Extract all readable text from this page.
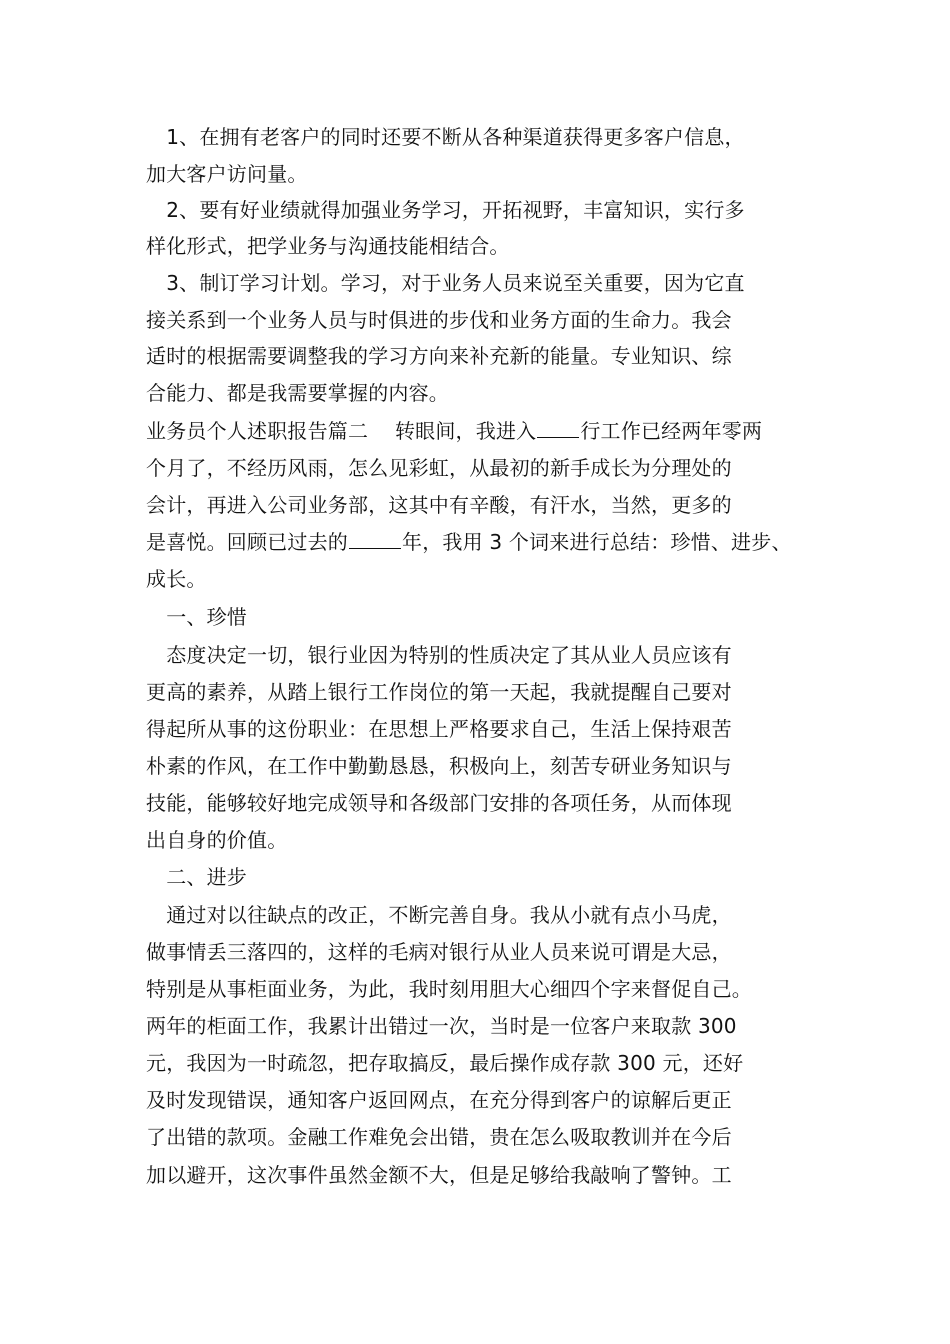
　1、在拥有老客户的同时还要不断从各种渠道获得更多客户信息，
加大客户访问量。
　2、要有好业绩就得加强业务学习，开拓视野，丰富知识，实行多
样化形式，把学业务与沟通技能相结合。
　3、制订学习计划。学习，对于业务人员来说至关重要，因为它直
接关系到一个业务人员与时俱进的步伐和业务方面的生命力。我会
适时的根据需要调整我的学习方向来补充新的能量。专业知识、综
合能力、都是我需要掌握的内容。
业务员个人述职报告篇二　 转眼间，我进入 行工作已经两年零两
个月了，不经历风雨，怎么见彩虹，从最初的新手成长为分理处的
会计，再进入公司业务部，这其中有辛酸，有汗水，当然，更多的
是喜悦。回顾已过去的	年，我用 3 个词来进行总结：珍惜、进步、
成长。
　一、珍惜
　态度决定一切，银行业因为特别的性质决定了其从业人员应该有
更高的素养，从踏上银行工作岗位的第一天起，我就提醒自己要对
得起所从事的这份职业：在思想上严格要求自己，生活上保持艰苦
朴素的作风，在工作中勤勤恳恳，积极向上，刻苦专研业务知识与
技能，能够较好地完成领导和各级部门安排的各项任务，从而体现
出自身的价值。
　二、进步
　通过对以往缺点的改正，不断完善自身。我从小就有点小马虎，
做事情丢三落四的，这样的毛病对银行从业人员来说可谓是大忌，
特别是从事柜面业务，为此，我时刻用胆大心细四个字来督促自己。
两年的柜面工作，我累计出错过一次，当时是一位客户来取款 300
元，我因为一时疏忽，把存取搞反，最后操作成存款 300 元，还好
及时发现错误，通知客户返回网点，在充分得到客户的谅解后更正
了出错的款项。金融工作难免会出错，贵在怎么吸取教训并在今后
加以避开，这次事件虽然金额不大，但是足够给我敲响了警钟。工
